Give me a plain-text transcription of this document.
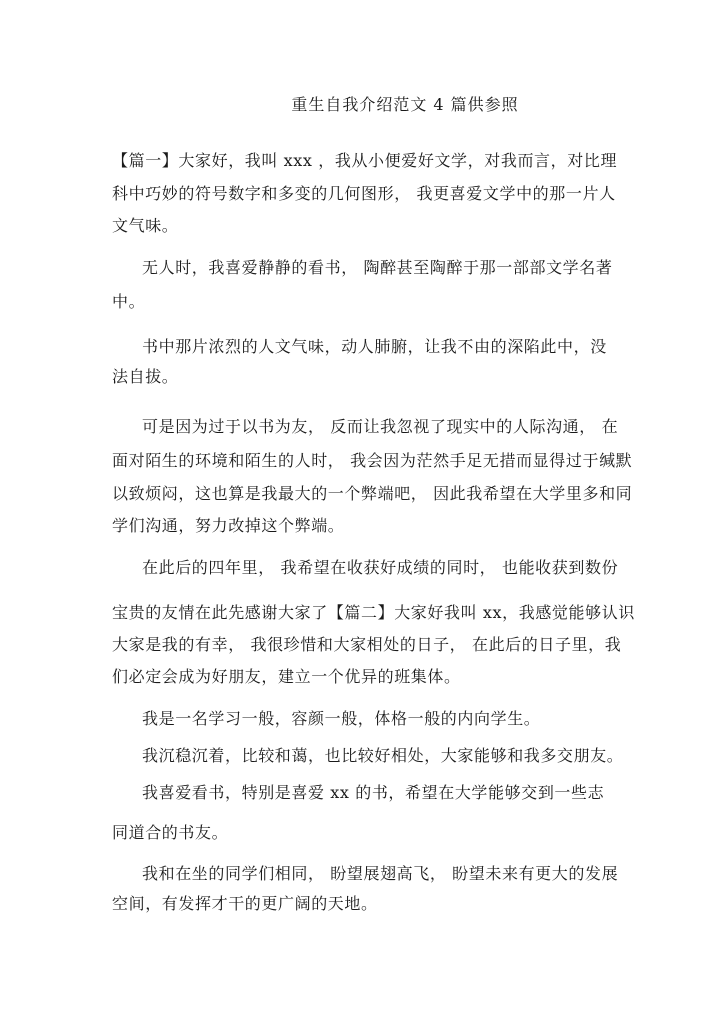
重生自我介绍范文 4 篇供参照
【篇一】大家好，我叫 xxx ，我从小便爱好文学，对我而言，对比理
科中巧妙的符号数字和多变的几何图形， 我更喜爱文学中的那一片人
文气味。
无人时，我喜爱静静的看书， 陶醉甚至陶醉于那一部部文学名著
中。
书中那片浓烈的人文气味，动人肺腑，让我不由的深陷此中，没
法自拔。
可是因为过于以书为友， 反而让我忽视了现实中的人际沟通， 在
面对陌生的环境和陌生的人时， 我会因为茫然手足无措而显得过于缄默
以致烦闷，这也算是我最大的一个弊端吧， 因此我希望在大学里多和同
学们沟通，努力改掉这个弊端。
在此后的四年里， 我希望在收获好成绩的同时， 也能收获到数份
宝贵的友情在此先感谢大家了【篇二】大家好我叫 xx，我感觉能够认识
大家是我的有幸， 我很珍惜和大家相处的日子， 在此后的日子里，我
们必定会成为好朋友，建立一个优异的班集体。
我是一名学习一般，容颜一般，体格一般的内向学生。
我沉稳沉着，比较和蔼，也比较好相处，大家能够和我多交朋友。
我喜爱看书，特别是喜爱 xx 的书，希望在大学能够交到一些志
同道合的书友。
我和在坐的同学们相同， 盼望展翅高飞， 盼望未来有更大的发展
空间，有发挥才干的更广阔的天地。
